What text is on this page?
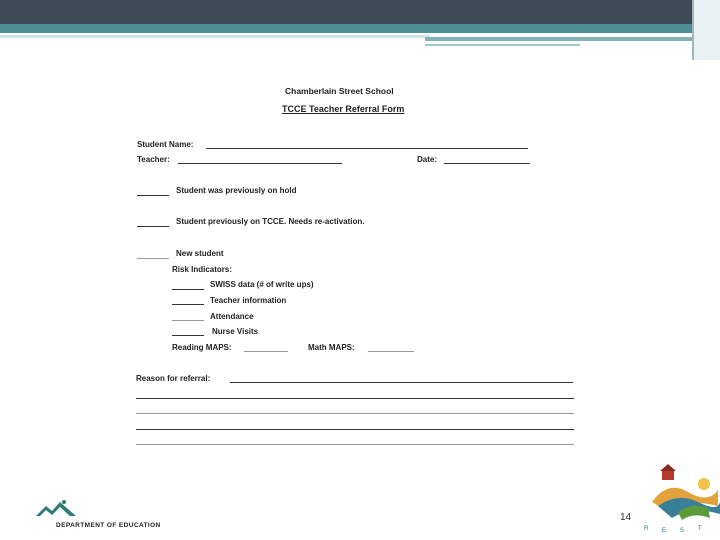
Chamberlain Street School
TCCE Teacher Referral Form
Student Name:
Teacher:	Date:
Student was previously on hold
Student previously on TCCE. Needs re-activation.
New student
Risk Indicators:
SWISS data (# of write ups)
Teacher information
Attendance
Nurse Visits
Reading MAPS:	Math MAPS:
Reason for referral:
DEPARTMENT OF EDUCATION
14
R E S T
